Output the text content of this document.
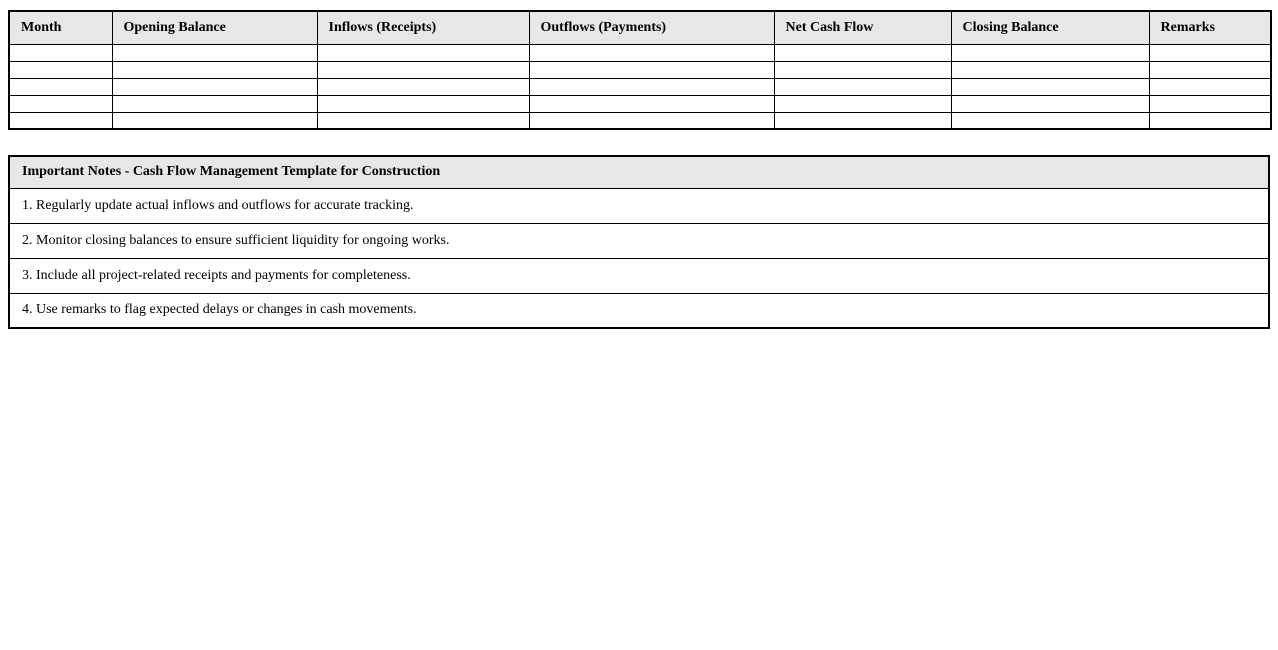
Month	Opening Balance	Inflows (Receipts)	Outflows (Payments)	Net Cash Flow	Closing Balance	Remarks

Important Notes - Cash Flow Management Template for Construction
1. Regularly update actual inflows and outflows for accurate tracking.
2. Monitor closing balances to ensure sufficient liquidity for ongoing works.
3. Include all project-related receipts and payments for completeness.
4. Use remarks to flag expected delays or changes in cash movements.
